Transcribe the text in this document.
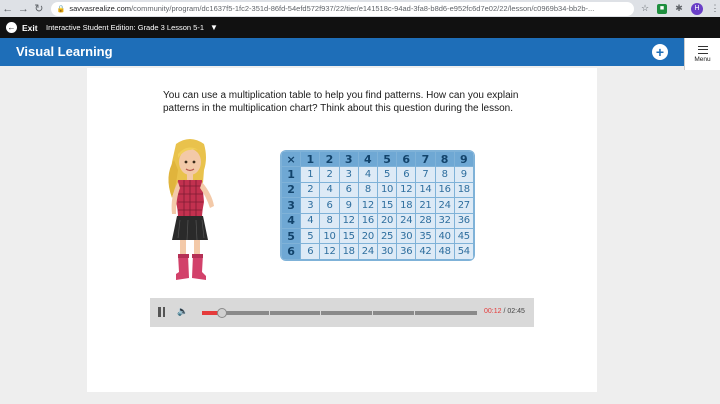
← → ↻	🔒 savvasrealize.com /community/program/dc1637f5-1fc2-351d-86fd-54efd572f937/22/tier/e141518c-94ad-3fa8-b8d6-e952fc6d7e02/22/lesson/c0969b34-bb2b-...	☆	■	✱	H	⋮
← Exit Interactive Student Edition: Grade 3 Lesson 5-1 ▼
Visual Learning	+	Menu
You can use a multiplication table to help you find patterns. How can you explain patterns in the multiplication chart? Think about this question during the lesson.
×	1	2	3	4	5	6	7	8	9
1	1	2	3	4	5	6	7	8	9
2	2	4	6	8	10	12	14	16	18
3	3	6	9	12	15	18	21	24	27
4	4	8	12	16	20	24	28	32	36
5	5	10	15	20	25	30	35	40	45
6	6	12	18	24	30	36	42	48	54
🔈	00:12 / 02:45
